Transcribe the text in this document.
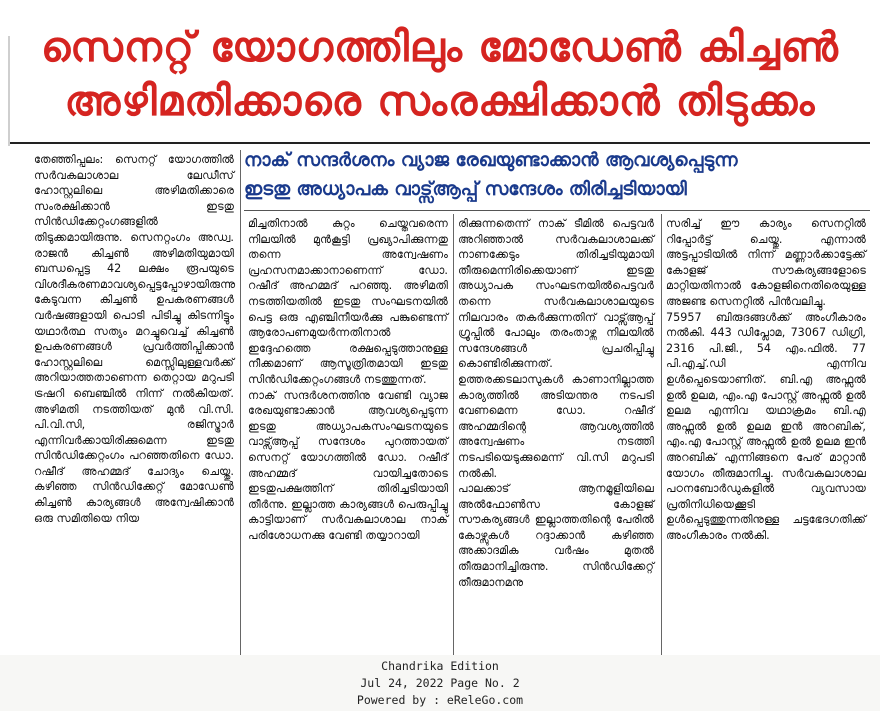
സെനറ്റ് യോഗത്തിലും മോഡേൺ കിച്ചൺ
അഴിമതിക്കാരെ സംരക്ഷിക്കാൻ തിടുക്കം
നാക് സന്ദർശനം വ്യാജ രേഖയുണ്ടാക്കാൻ ആവശ്യപ്പെടുന്ന
ഇടതു അധ്യാപക വാട്സ്ആപ്പ് സന്ദേശം തിരിച്ചടിയായി
തേഞ്ഞിപ്പലം: സെനറ്റ് യോഗത്തിൽ സർവകലാശാല ലേഡീസ് ഹോസ്റ്റലിലെ അഴിമതിക്കാരെ സംരക്ഷിക്കാൻ ഇടതു സിൻഡിക്കേറ്റംഗങ്ങളിൽ തിടുക്കമായിരുന്നു. സെനറ്റംഗം അഡ്വ. രാജൻ കിച്ചൺ അഴിമതിയുമായി ബന്ധപ്പെട്ട 42 ലക്ഷം രൂപയുടെ വിശദീകരണമാവശ്യപ്പെട്ടപ്പോഴായിരുന്നു കേടുവന്ന കിച്ചൺ ഉപകരണങ്ങൾ വർഷങ്ങളായി പൊടി പിടിച്ചു കിടന്നിട്ടും യഥാർത്ഥ സത്യം മറച്ചുവെച്ച് കിച്ചൺ ഉപകരണങ്ങൾ പ്രവർത്തിപ്പിക്കാൻ ഹോസ്റ്റലിലെ മെസ്സിലുള്ളവർക്ക് അറിയാത്തതാണെന്ന തെറ്റായ മറുപടി ട്രഷറി ബെഞ്ചിൽ നിന്ന് നൽകിയത്. അഴിമതി നടത്തിയത് മുൻ വി.സി. പി.വി.സി, രജിസ്ട്രാർ എന്നിവർക്കായിരിക്കുമെന്ന ഇടതു സിൻഡിക്കേറ്റംഗം പറഞ്ഞതിനെ ഡോ. റഷീദ് അഹമ്മദ് ചോദ്യം ചെയ്തു. കഴിഞ്ഞ സിൻഡിക്കേറ്റ് മോഡേൺ കിച്ചൺ കാര്യങ്ങൾ അന്വേഷിക്കാൻ ഒരു സമിതിയെ നിയ
മിച്ചതിനാൽ കുറ്റം ചെയ്തവരെന്ന നിലയിൽ മുൻകൂട്ടി പ്രഖ്യാപിക്കുന്നതു തന്നെ അന്വേഷണം പ്രഹസനമാക്കാനാണെന്ന് ഡോ. റഷീദ് അഹമ്മദ് പറഞ്ഞു. അഴിമതി നടത്തിയതിൽ ഇടതു സംഘടനയിൽ പെട്ട ഒരു എഞ്ചിനീയർക്കു പങ്കുണ്ടെന്ന് ആരോപണമുയർന്നതിനാൽ ഇദ്ദേഹത്തെ രക്ഷപ്പെടുത്താനുള്ള നീക്കമാണ് ആസൂത്രിതമായി ഇടതു സിൻഡിക്കേറ്റംഗങ്ങൾ നടത്തുന്നത്.
നാക് സന്ദർശനത്തിനു വേണ്ടി വ്യാജ രേഖയുണ്ടാക്കാൻ ആവശ്യപ്പെടുന്ന ഇടതു അധ്യാപകസംഘടനയുടെ വാട്സ്ആപ്പ് സന്ദേശം പുറത്തായത് സെനറ്റ് യോഗത്തിൽ ഡോ. റഷീദ് അഹമ്മദ് വായിച്ചതോടെ ഇടതുപക്ഷത്തിന് തിരിച്ചടിയായി തീർന്നു. ഇല്ലാത്ത കാര്യങ്ങൾ പെരുപ്പിച്ചു കാട്ടിയാണ് സർവകലാശാല നാക് പരിശോധനക്കു വേണ്ടി തയ്യാറായി
രിക്കുന്നതെന്ന് നാക് ടീമിൽ പെട്ടവർ അറിഞ്ഞാൽ സർവകലാശാലക്ക് നാണക്കേടും തിരിച്ചടിയുമായി തീരുമെന്നിരിക്കെയാണ് ഇടതു അധ്യാപക സംഘടനയിൽപെട്ടവർ തന്നെ സർവകലാശാലയുടെ നിലവാരം തകർക്കുന്നതിന് വാട്സ്ആപ്പ് ഗ്രൂപ്പിൽ പോലും തരംതാഴ്ന്ന നിലയിൽ സന്ദേശങ്ങൾ പ്രചരിപ്പിച്ചു കൊണ്ടിരിക്കുന്നത്.
ഉത്തരക്കടലാസുകൾ കാണാനില്ലാത്ത കാര്യത്തിൽ അടിയന്തര നടപടി വേണമെന്ന ഡോ. റഷീദ് അഹമ്മദിന്റെ ആവശ്യത്തിൽ അന്വേഷണം നടത്തി നടപടിയെടുക്കുമെന്ന് വി.സി മറുപടി നൽകി.
പാലക്കാട് ആനമൂളിയിലെ അൽഫോൺസ കോളജ് സൗകര്യങ്ങൾ ഇല്ലാത്തതിന്റെ പേരിൽ കോഴ്സുകൾ റദ്ദാക്കാൻ കഴിഞ്ഞ അക്കാദമിക വർഷം മുതൽ തീരുമാനിച്ചിരുന്നു. സിൻഡിക്കേറ്റ് തീരുമാനമനു
സരിച്ച് ഈ കാര്യം സെനറ്റിൽ റിപ്പോർട്ട് ചെയ്തു. എന്നാൽ അട്ടപ്പാടിയിൽ നിന്ന് മണ്ണാർക്കാട്ടേക്ക് കോളജ് സൗകര്യങ്ങളോടെ മാറ്റിയതിനാൽ കോളജിനെതിരെയുള്ള അജണ്ട സെനറ്റിൽ പിൻവലിച്ചു.
75957 ബിരുദങ്ങൾക്ക് അംഗീകാരം നൽകി. 443 ഡിപ്ലോമ, 73067 ഡിഗ്രി, 2316 പി.ജി., 54 എം.ഫിൽ. 77 പി.എച്ച്.ഡി എന്നിവ ഉൾപ്പെടെയാണിത്. ബി.എ അഫ്സൽ ഉൽ ഉലമ, എം.എ പോസ്റ്റ് അഫ്സൽ ഉൽ ഉലമ എന്നിവ യഥാക്രമം ബി.എ അഫ്സൽ ഉൽ ഉലമ ഇൻ അറബിക്, എം.എ പോസ്റ്റ് അഫ്സൽ ഉൽ ഉലമ ഇൻ അറബിക് എന്നിങ്ങനെ പേര് മാറ്റാൻ യോഗം തീരുമാനിച്ചു. സർവകലാശാല പഠനബോർഡുകളിൽ വ്യവസായ പ്രതിനിധിയെക്കൂടി ഉൾപ്പെടുത്തുന്നതിനുള്ള ചട്ടഭേദഗതിക്ക് അംഗീകാരം നൽകി.
Chandrika Edition
Jul 24, 2022 Page No. 2
Powered by : eReleGo.com
